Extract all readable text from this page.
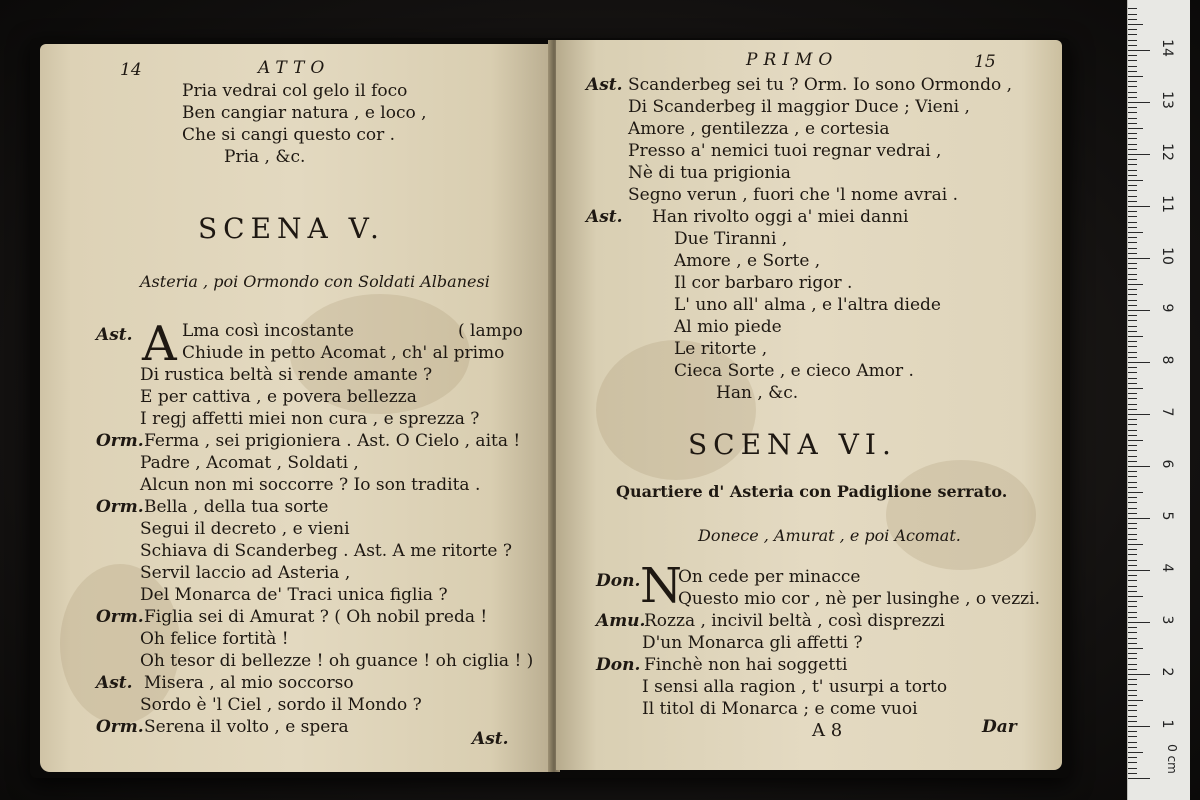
14	ATTO
Pria vedrai col gelo il foco
Ben cangiar natura , e loco ,
Che si cangi questo cor .
Pria , &c.
SCENA V.
Asteria , poi Ormondo con Soldati Albanesi
Ast. A Lma così incostante	( lampo
Chiude in petto Acomat , ch' al primo
Di rustica beltà si rende amante ?
E per cattiva , e povera bellezza
I regj affetti miei non cura , e sprezza ?
Orm. Ferma , sei prigioniera . Ast. O Cielo , aita !
Padre , Acomat , Soldati ,
Alcun non mi soccorre ? Io son tradita .
Orm. Bella , della tua sorte
Segui il decreto , e vieni
Schiava di Scanderbeg . Ast. A me ritorte ?
Servil laccio ad Asteria ,
Del Monarca de' Traci unica figlia ?
Orm. Figlia sei di Amurat ? ( Oh nobil preda !
Oh felice fortità !
Oh tesor di bellezze ! oh guance ! oh ciglia ! )
Ast. Misera , al mio soccorso
Sordo è 'l Ciel , sordo il Mondo ?
Orm. Serena il volto , e spera
Ast.
PRIMO	15
Ast. Scanderbeg sei tu ? Orm. Io sono Ormondo ,
Di Scanderbeg il maggior Duce ; Vieni ,
Amore , gentilezza , e cortesia
Presso a' nemici tuoi regnar vedrai ,
Nè di tua prigionia
Segno verun , fuori che 'l nome avrai .
Ast. Han rivolto oggi a' miei danni
Due Tiranni ,
Amore , e Sorte ,
Il cor barbaro rigor .
L' uno all' alma , e l'altra diede
Al mio piede
Le ritorte ,
Cieca Sorte , e cieco Amor .
Han , &c.
SCENA VI.
Quartiere d' Asteria con Padiglione serrato.
Donece , Amurat , e poi Acomat.
Don. N
On cede per minacce
Questo mio cor , nè per lusinghe , o vezzi.
Amu.
Rozza , incivil beltà , così disprezzi
D'un Monarca gli affetti ?
Don. Finchè non hai soggetti
I sensi alla ragion , t' usurpi a torto
Il titol di Monarca ; e come vuoi
A 8	Dar
0 cm
1
2
3
4
5
6
7
8
9
10
11
12
13
14
